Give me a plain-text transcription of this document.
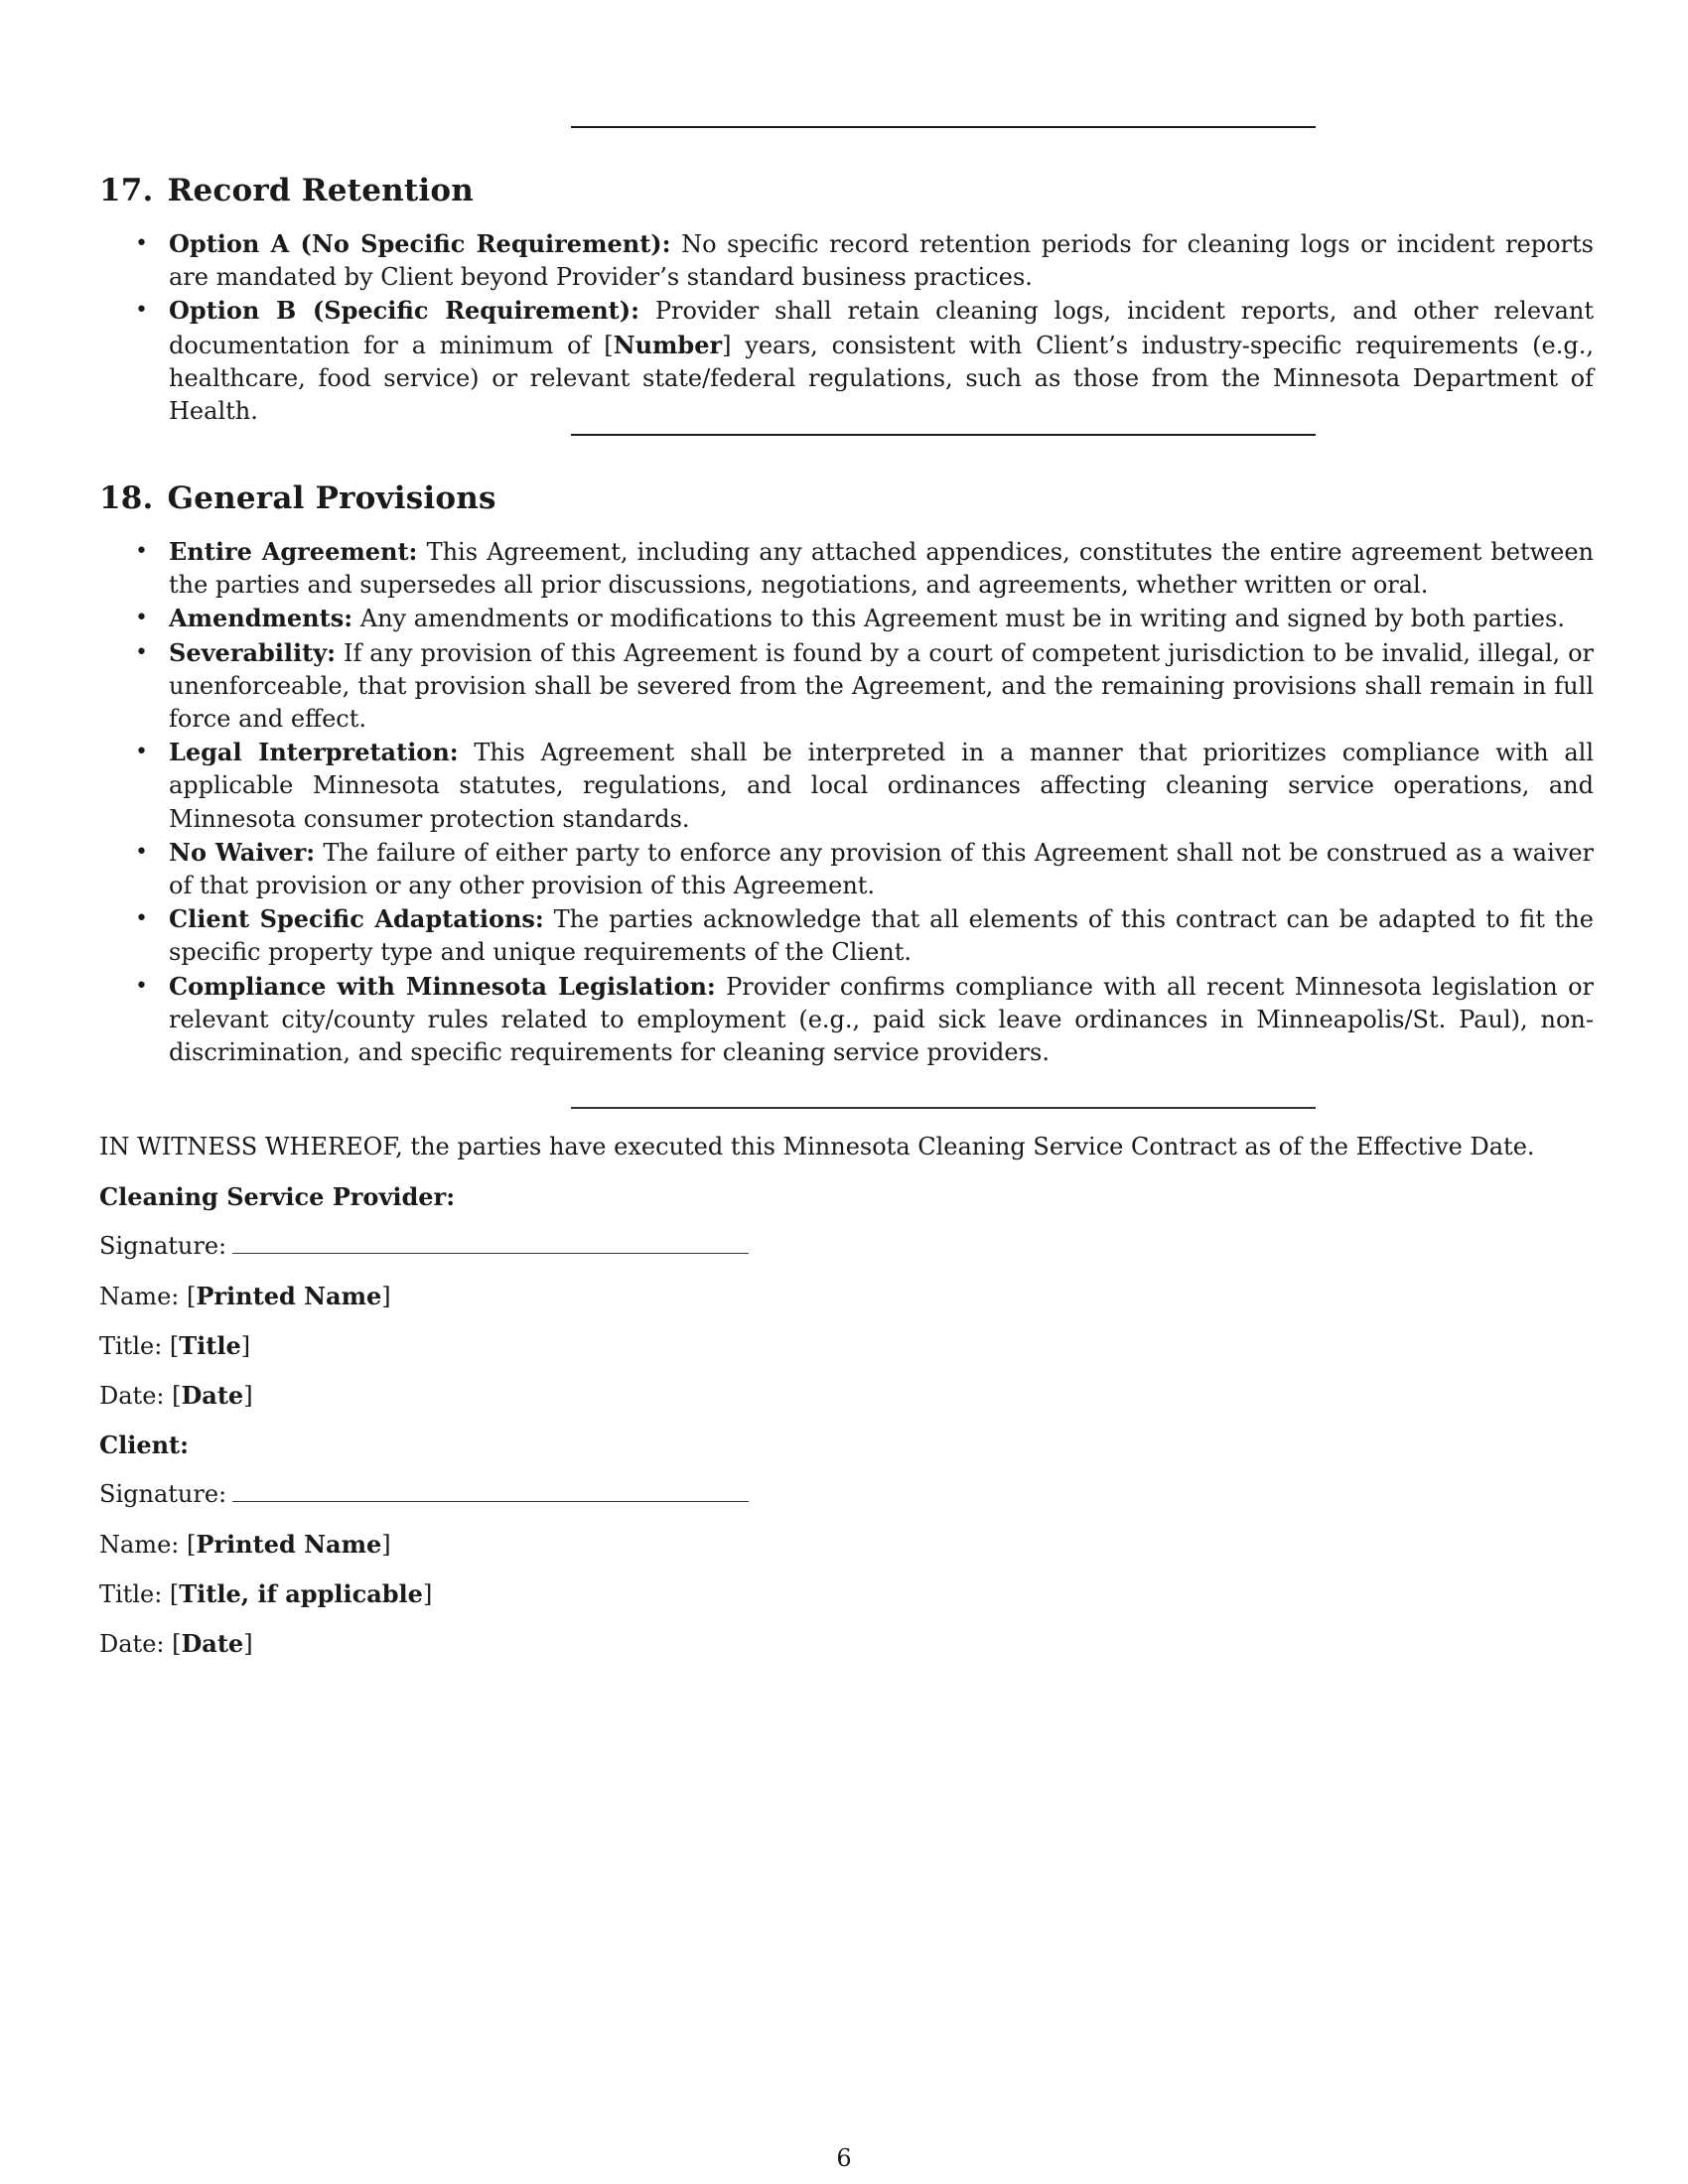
17. Record Retention
• Option A (No Specific Requirement): No specific record retention periods for cleaning logs or incident reports are mandated by Client beyond Provider’s standard business practices.
• Option B (Specific Requirement): Provider shall retain cleaning logs, incident reports, and other relevant documentation for a minimum of [Number] years, consistent with Client’s industry-specific requirements (e.g., healthcare, food service) or relevant state/federal regulations, such as those from the Minnesota Department of Health.
18. General Provisions
• Entire Agreement: This Agreement, including any attached appendices, constitutes the entire agreement between the parties and supersedes all prior discussions, negotiations, and agreements, whether written or oral.
• Amendments: Any amendments or modifications to this Agreement must be in writing and signed by both parties.
• Severability: If any provision of this Agreement is found by a court of competent jurisdiction to be invalid, illegal, or unenforceable, that provision shall be severed from the Agreement, and the remaining provisions shall remain in full force and effect.
• Legal Interpretation: This Agreement shall be interpreted in a manner that prioritizes compliance with all applicable Minnesota statutes, regulations, and local ordinances affecting cleaning service operations, and Minnesota consumer protection standards.
• No Waiver: The failure of either party to enforce any provision of this Agreement shall not be construed as a waiver of that provision or any other provision of this Agreement.
• Client Specific Adaptations: The parties acknowledge that all elements of this contract can be adapted to fit the specific property type and unique requirements of the Client.
• Compliance with Minnesota Legislation: Provider confirms compliance with all recent Minnesota legislation or relevant city/county rules related to employment (e.g., paid sick leave ordinances in Minneapolis/St. Paul), non-discrimination, and specific requirements for cleaning service providers.
IN WITNESS WHEREOF, the parties have executed this Minnesota Cleaning Service Contract as of the Effective Date.
Cleaning Service Provider:
Signature:
Name: [Printed Name]
Title: [Title]
Date: [Date]
Client:
Signature:
Name: [Printed Name]
Title: [Title, if applicable]
Date: [Date]
6
